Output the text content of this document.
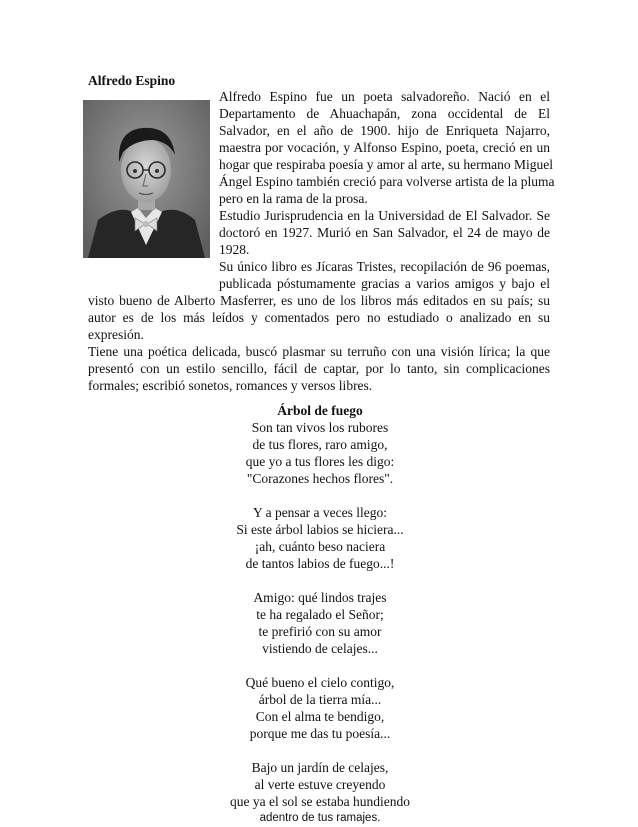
Alfredo Espino
Alfredo Espino fue un poeta salvadoreño. Nació en el
Departamento de Ahuachapán, zona occidental de El
Salvador, en el año de 1900. hijo de Enriqueta Najarro,
maestra por vocación, y Alfonso Espino, poeta, creció en un
hogar que respiraba poesía y amor al arte, su hermano Miguel
Ángel Espino también creció para volverse artista de la pluma
pero en la rama de la prosa.
Estudio Jurisprudencia en la Universidad de El Salvador. Se
doctoró en 1927. Murió en San Salvador, el 24 de mayo de
1928.
Su único libro es Jícaras Tristes, recopilación de 96 poemas,
publicada póstumamente gracias a varios amigos y bajo el
visto bueno de Alberto Masferrer, es uno de los libros más editados en su país; su
autor es de los más leídos y comentados pero no estudiado o analizado en su
expresión.
Tiene una poética delicada, buscó plasmar su terruño con una visión lírica; la que
presentó con un estilo sencillo, fácil de captar, por lo tanto, sin complicaciones
formales; escribió sonetos, romances y versos libres.
Árbol de fuego
Son tan vivos los rubores
de tus flores, raro amigo,
que yo a tus flores les digo:
"Corazones hechos flores".
Y a pensar a veces llego:
Si este árbol labios se hiciera...
¡ah, cuánto beso naciera
de tantos labios de fuego...!
Amigo: qué lindos trajes
te ha regalado el Señor;
te prefirió con su amor
vistiendo de celajes...
Qué bueno el cielo contigo,
árbol de la tierra mía...
Con el alma te bendigo,
porque me das tu poesía...
Bajo un jardín de celajes,
al verte estuve creyendo
que ya el sol se estaba hundiendo
adentro de tus ramajes.
